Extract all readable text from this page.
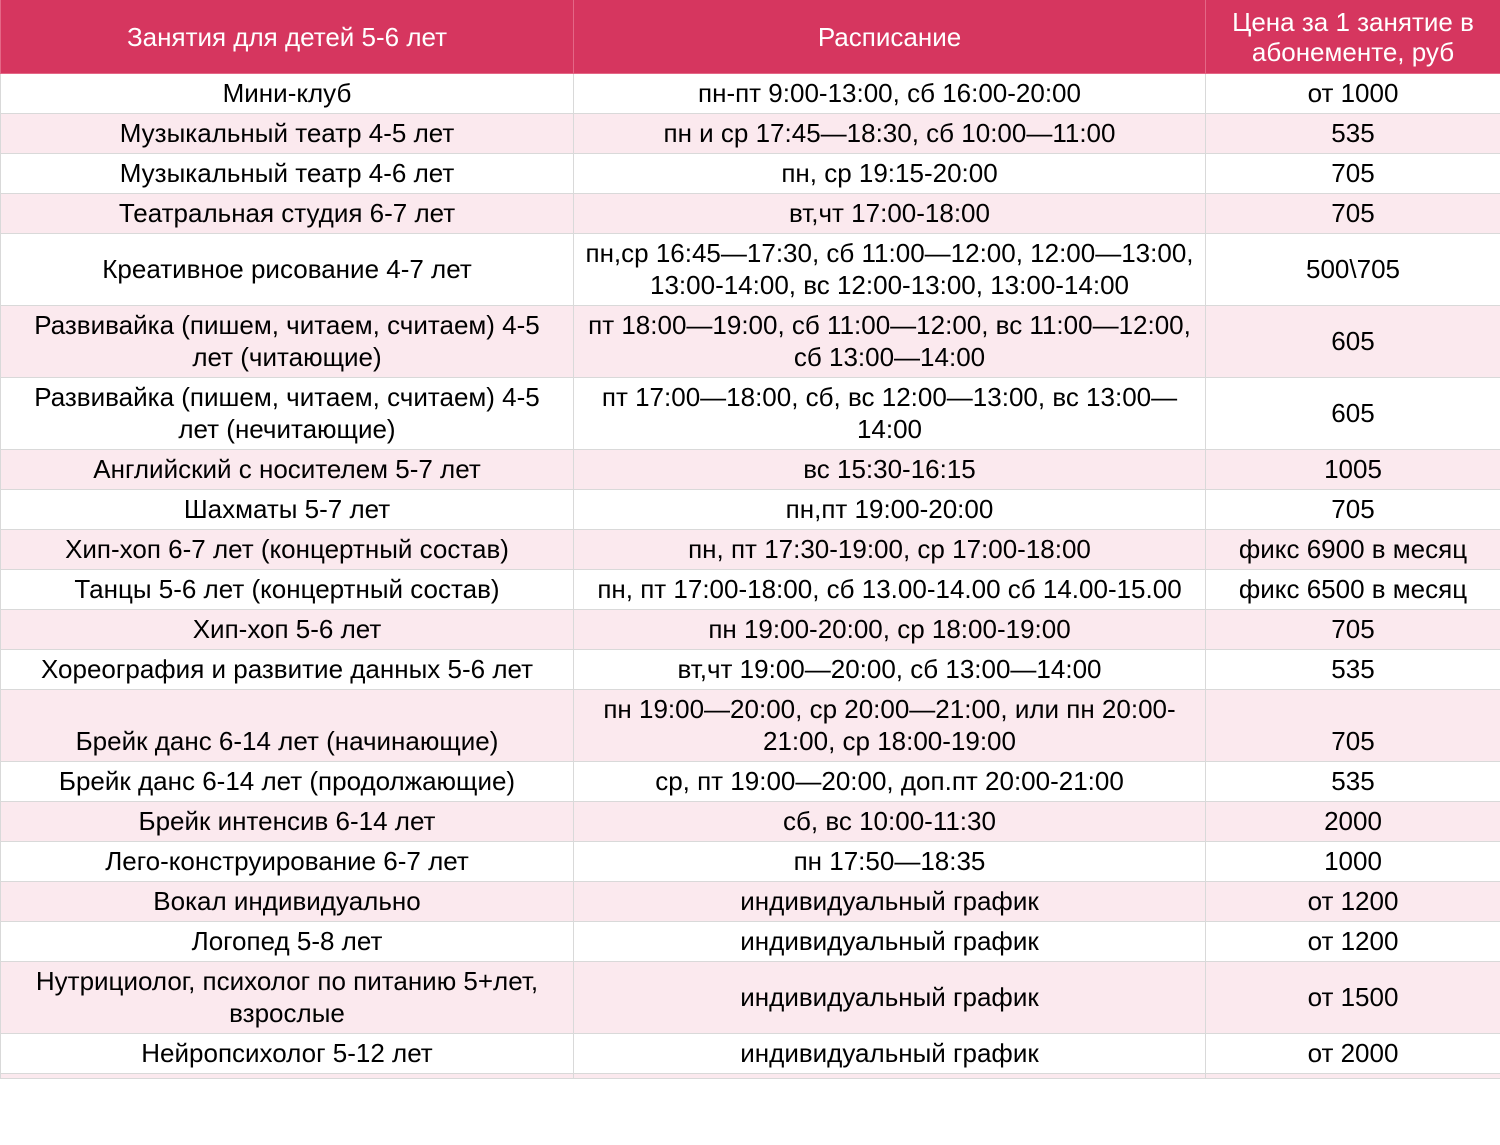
Занятия для детей 5-6 лет	Расписание	Цена за 1 занятие в абонементе, руб
Мини-клуб	пн-пт 9:00-13:00, сб 16:00-20:00	от 1000
Музыкальный театр 4-5 лет	пн и ср 17:45—18:30, сб 10:00—11:00	535
Музыкальный театр 4-6 лет	пн, ср 19:15-20:00	705
Театральная студия 6-7 лет	вт,чт 17:00-18:00	705
Креативное рисование 4-7 лет	пн,ср 16:45—17:30, сб 11:00—12:00, 12:00—13:00, 13:00-14:00, вс 12:00-13:00, 13:00-14:00	500\705
Развивайка (пишем, читаем, считаем) 4-5 лет (читающие)	пт 18:00—19:00, сб 11:00—12:00, вс 11:00—12:00, сб 13:00—14:00	605
Развивайка (пишем, читаем, считаем) 4-5 лет (нечитающие)	пт 17:00—18:00, сб, вс 12:00—13:00, вс 13:00—14:00	605
Английский с носителем 5-7 лет	вс 15:30-16:15	1005
Шахматы 5-7 лет	пн,пт 19:00-20:00	705
Хип-хоп 6-7 лет (концертный состав)	пн, пт 17:30-19:00, ср 17:00-18:00	фикс 6900 в месяц
Танцы 5-6 лет (концертный состав)	пн, пт 17:00-18:00, сб 13.00-14.00 сб 14.00-15.00	фикс 6500 в месяц
Хип-хоп 5-6 лет	пн 19:00-20:00, ср 18:00-19:00	705
Хореография и развитие данных 5-6 лет	вт,чт 19:00—20:00, сб 13:00—14:00	535
Брейк данс 6-14 лет (начинающие)	пн 19:00—20:00, ср 20:00—21:00, или пн 20:00-21:00, ср 18:00-19:00	705
Брейк данс 6-14 лет (продолжающие)	ср, пт 19:00—20:00, доп.пт 20:00-21:00	535
Брейк интенсив 6-14 лет	сб, вс 10:00-11:30	2000
Лего-конструирование 6-7 лет	пн 17:50—18:35	1000
Вокал индивидуально	индивидуальный график	от 1200
Логопед 5-8 лет	индивидуальный график	от 1200
Нутрициолог, психолог по питанию 5+лет, взрослые	индивидуальный график	от 1500
Нейропсихолог 5-12 лет	индивидуальный график	от 2000
